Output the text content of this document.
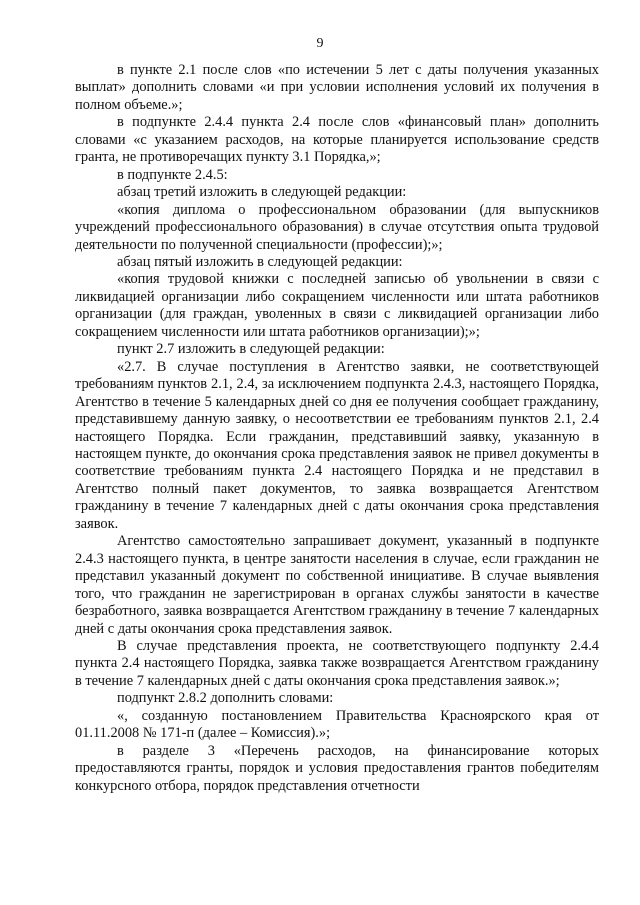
9

в пункте 2.1 после слов «по истечении 5 лет с даты получения указанных выплат» дополнить словами «и при условии исполнения условий их получения в полном объеме.»;

в подпункте 2.4.4 пункта 2.4 после слов «финансовый план» дополнить словами «с указанием расходов, на которые планируется использование средств гранта, не противоречащих пункту 3.1 Порядка,»;

в подпункте 2.4.5:

абзац третий изложить в следующей редакции:

«копия диплома о профессиональном образовании (для выпускников учреждений профессионального образования) в случае отсутствия опыта трудовой деятельности по полученной специальности (профессии);»;

абзац пятый изложить в следующей редакции:

«копия трудовой книжки с последней записью об увольнении в связи с ликвидацией организации либо сокращением численности или штата работников организации (для граждан, уволенных в связи с ликвидацией организации либо сокращением численности или штата работников организации);»;

пункт 2.7 изложить в следующей редакции:

«2.7. В случае поступления в Агентство заявки, не соответствующей требованиям пунктов 2.1, 2.4, за исключением подпункта 2.4.3, настоящего Порядка, Агентство в течение 5 календарных дней со дня ее получения сообщает гражданину, представившему данную заявку, о несоответствии ее требованиям пунктов 2.1, 2.4 настоящего Порядка. Если гражданин, представивший заявку, указанную в настоящем пункте, до окончания срока представления заявок не привел документы в соответствие требованиям пункта 2.4 настоящего Порядка и не представил в Агентство полный пакет документов, то заявка возвращается Агентством гражданину в течение 7 календарных дней с даты окончания срока представления заявок.

Агентство самостоятельно запрашивает документ, указанный в подпункте 2.4.3 настоящего пункта, в центре занятости населения в случае, если гражданин не представил указанный документ по собственной инициативе. В случае выявления того, что гражданин не зарегистрирован в органах службы занятости в качестве безработного, заявка возвращается Агентством гражданину в течение 7 календарных дней с даты окончания срока представления заявок.

В случае представления проекта, не соответствующего подпункту 2.4.4 пункта 2.4 настоящего Порядка, заявка также возвращается Агентством гражданину в течение 7 календарных дней с даты окончания срока представления заявок.»;

подпункт 2.8.2 дополнить словами:

«, созданную постановлением Правительства Красноярского края от 01.11.2008 № 171-п (далее – Комиссия).»;

в разделе 3 «Перечень расходов, на финансирование которых предоставляются гранты, порядок и условия предоставления грантов победителям конкурсного отбора, порядок представления отчетности
